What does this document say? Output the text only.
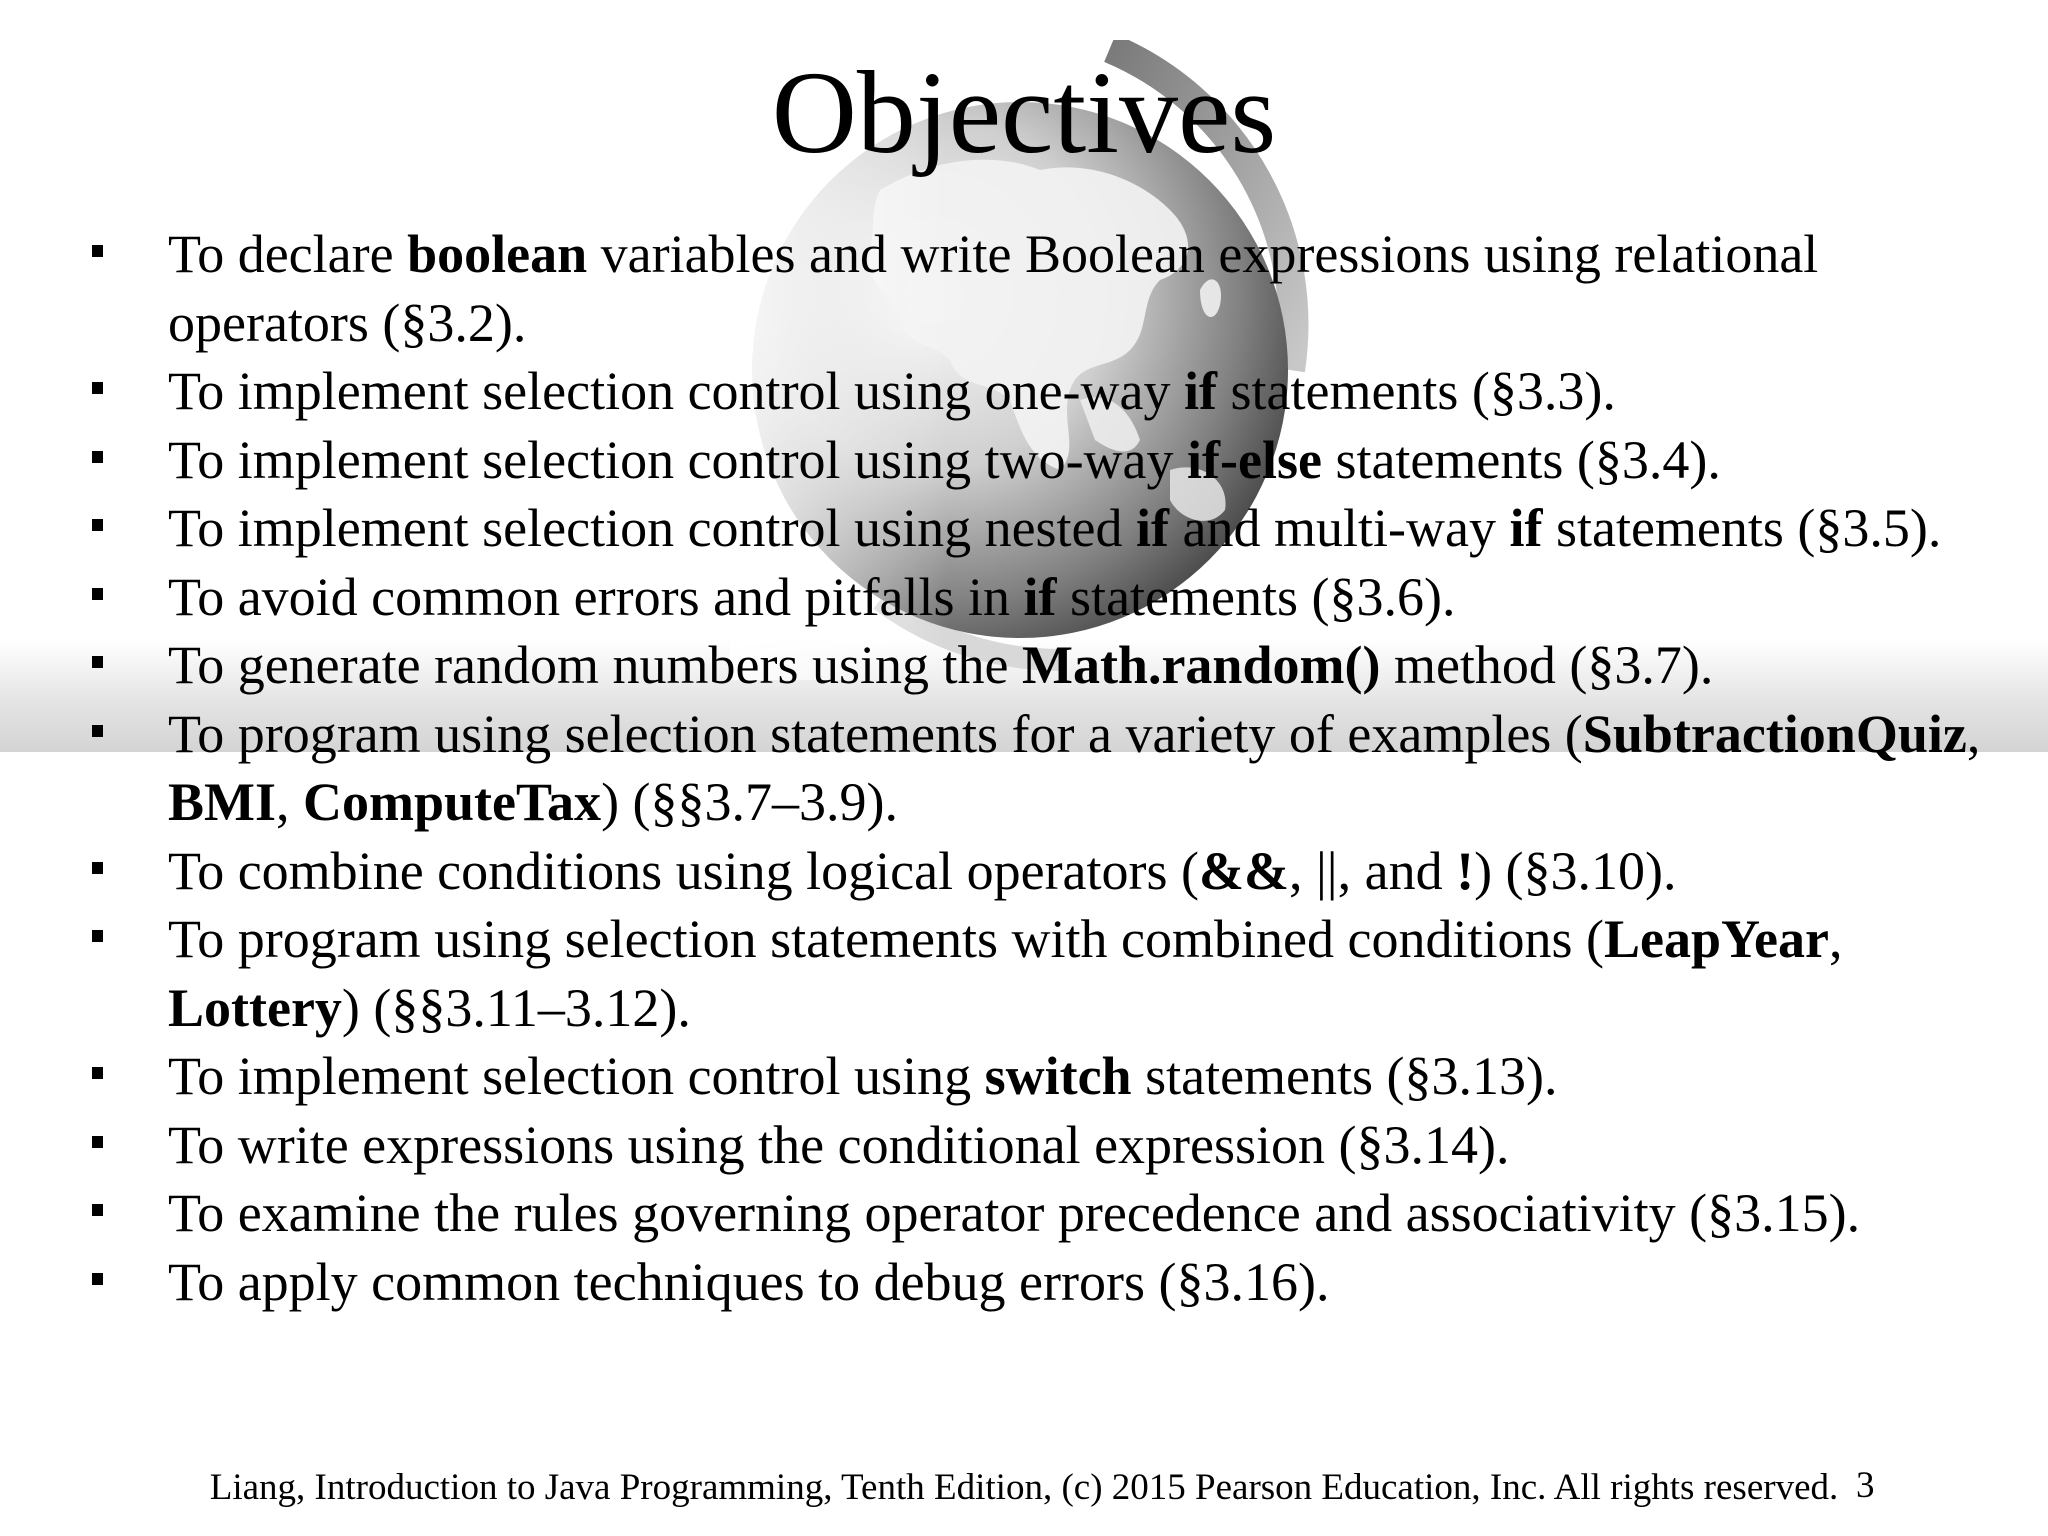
Objectives
To declare boolean variables and write Boolean expressions using relational operators (§3.2).
To implement selection control using one-way if statements (§3.3).
To implement selection control using two-way if-else statements (§3.4).
To implement selection control using nested if and multi-way if statements (§3.5).
To avoid common errors and pitfalls in if statements (§3.6).
To generate random numbers using the Math.random() method (§3.7).
To program using selection statements for a variety of examples (SubtractionQuiz, BMI, ComputeTax) (§§3.7–3.9).
To combine conditions using logical operators (&&, ||, and !) (§3.10).
To program using selection statements with combined conditions (LeapYear, Lottery) (§§3.11–3.12).
To implement selection control using switch statements (§3.13).
To write expressions using the conditional expression (§3.14).
To examine the rules governing operator precedence and associativity (§3.15).
To apply common techniques to debug errors (§3.16).
Liang, Introduction to Java Programming, Tenth Edition, (c) 2015 Pearson Education, Inc. All rights reserved. 3
